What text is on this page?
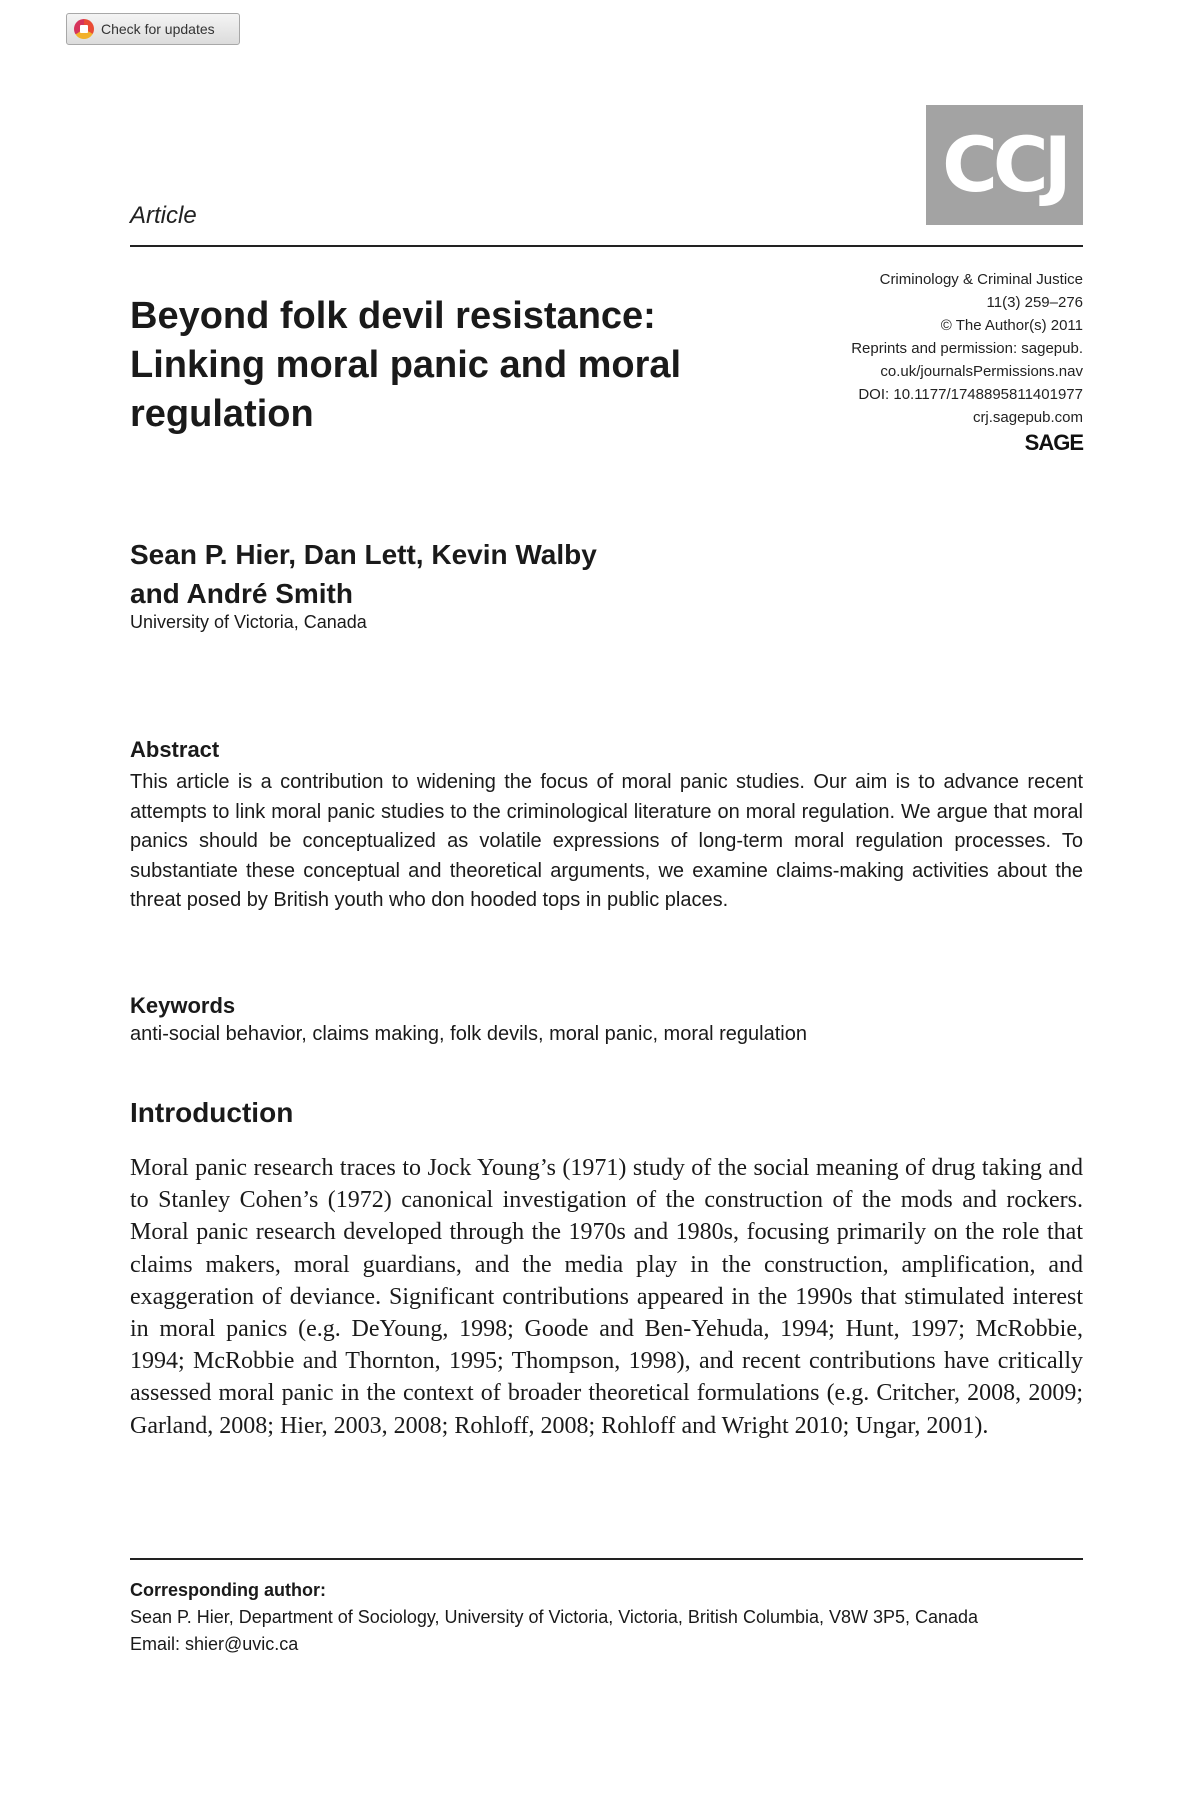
Check for updates
CCJ
Article
Beyond folk devil resistance: Linking moral panic and moral regulation
Criminology & Criminal Justice
11(3) 259–276
© The Author(s) 2011
Reprints and permission: sagepub.
co.uk/journalsPermissions.nav
DOI: 10.1177/1748895811401977
crj.sagepub.com
SAGE
Sean P. Hier, Dan Lett, Kevin Walby
and André Smith
University of Victoria, Canada
Abstract

This article is a contribution to widening the focus of moral panic studies. Our aim is to advance recent attempts to link moral panic studies to the criminological literature on moral regulation. We argue that moral panics should be conceptualized as volatile expressions of long-term moral regulation processes. To substantiate these conceptual and theoretical arguments, we examine claims-making activities about the threat posed by British youth who don hooded tops in public places.

Keywords
anti-social behavior, claims making, folk devils, moral panic, moral regulation
Introduction

Moral panic research traces to Jock Young’s (1971) study of the social meaning of drug taking and to Stanley Cohen’s (1972) canonical investigation of the construction of the mods and rockers. Moral panic research developed through the 1970s and 1980s, focusing primarily on the role that claims makers, moral guardians, and the media play in the construction, amplification, and exaggeration of deviance. Significant contributions appeared in the 1990s that stimulated interest in moral panics (e.g. DeYoung, 1998; Goode and Ben-Yehuda, 1994; Hunt, 1997; McRobbie, 1994; McRobbie and Thornton, 1995; Thompson, 1998), and recent contributions have critically assessed moral panic in the context of broader theoretical formulations (e.g. Critcher, 2008, 2009; Garland, 2008; Hier, 2003, 2008; Rohloff, 2008; Rohloff and Wright 2010; Ungar, 2001).

Corresponding author:
Sean P. Hier, Department of Sociology, University of Victoria, Victoria, British Columbia, V8W 3P5, Canada
Email: shier@uvic.ca
